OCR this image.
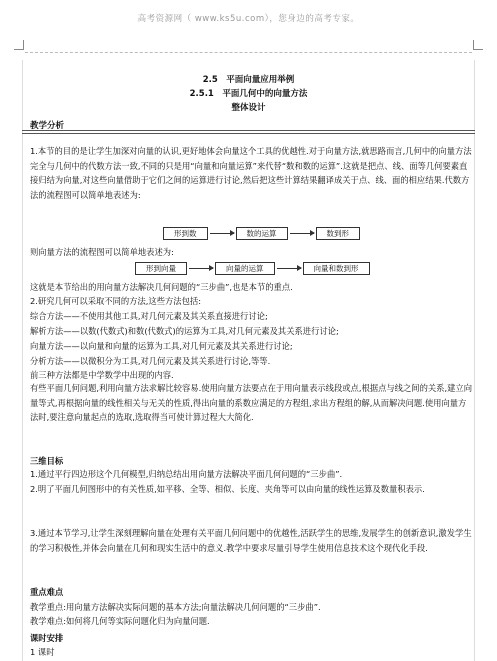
高考资源网（ www.ks5u.com），您身边的高考专家。
2.5　平面向量应用举例
2.5.1　平面几何中的向量方法
整体设计
教学分析
1.本节的目的是让学生加深对向量的认识,更好地体会向量这个工具的优越性.对于向量方法,就思路而言,几何中的向量方法完全与几何中的代数方法一致,不同的只是用“向量和向量运算”来代替“数和数的运算”.这就是把点、线、面等几何要素直接归结为向量,对这些向量借助于它们之间的运算进行讨论,然后把这些计算结果翻译成关于点、线、面的相应结果.代数方法的流程图可以简单地表述为:
形到数	数的运算	数到形
则向量方法的流程图可以简单地表述为:
形到向量	向量的运算	向量和数到形
这就是本节给出的用向量方法解决几何问题的“三步曲”,也是本节的重点.
2.研究几何可以采取不同的方法,这些方法包括:
综合方法——不使用其他工具,对几何元素及其关系直接进行讨论;
解析方法——以数(代数式)和数(代数式)的运算为工具,对几何元素及其关系进行讨论;
向量方法——以向量和向量的运算为工具,对几何元素及其关系进行讨论;
分析方法——以微积分为工具,对几何元素及其关系进行讨论,等等.
前三种方法都是中学数学中出现的内容.
有些平面几何问题,利用向量方法求解比较容易.使用向量方法要点在于用向量表示线段或点,根据点与线之间的关系,建立向量等式,再根据向量的线性相关与无关的性质,得出向量的系数应满足的方程组,求出方程组的解,从而解决问题.使用向量方法时,要注意向量起点的选取,选取得当可使计算过程大大简化.
三维目标
1.通过平行四边形这个几何模型,归纳总结出用向量方法解决平面几何问题的“三步曲”.
2.明了平面几何图形中的有关性质,如平移、全等、相似、长度、夹角等可以由向量的线性运算及数量积表示.
3.通过本节学习,让学生深刻理解向量在处理有关平面几何问题中的优越性,活跃学生的思维,发展学生的创新意识,激发学生的学习积极性,并体会向量在几何和现实生活中的意义.教学中要求尽量引导学生使用信息技术这个现代化手段.
重点难点
教学重点:用向量方法解决实际问题的基本方法;向量法解决几何问题的“三步曲”.
教学难点:如何将几何等实际问题化归为向量问题.
课时安排
1 课时
